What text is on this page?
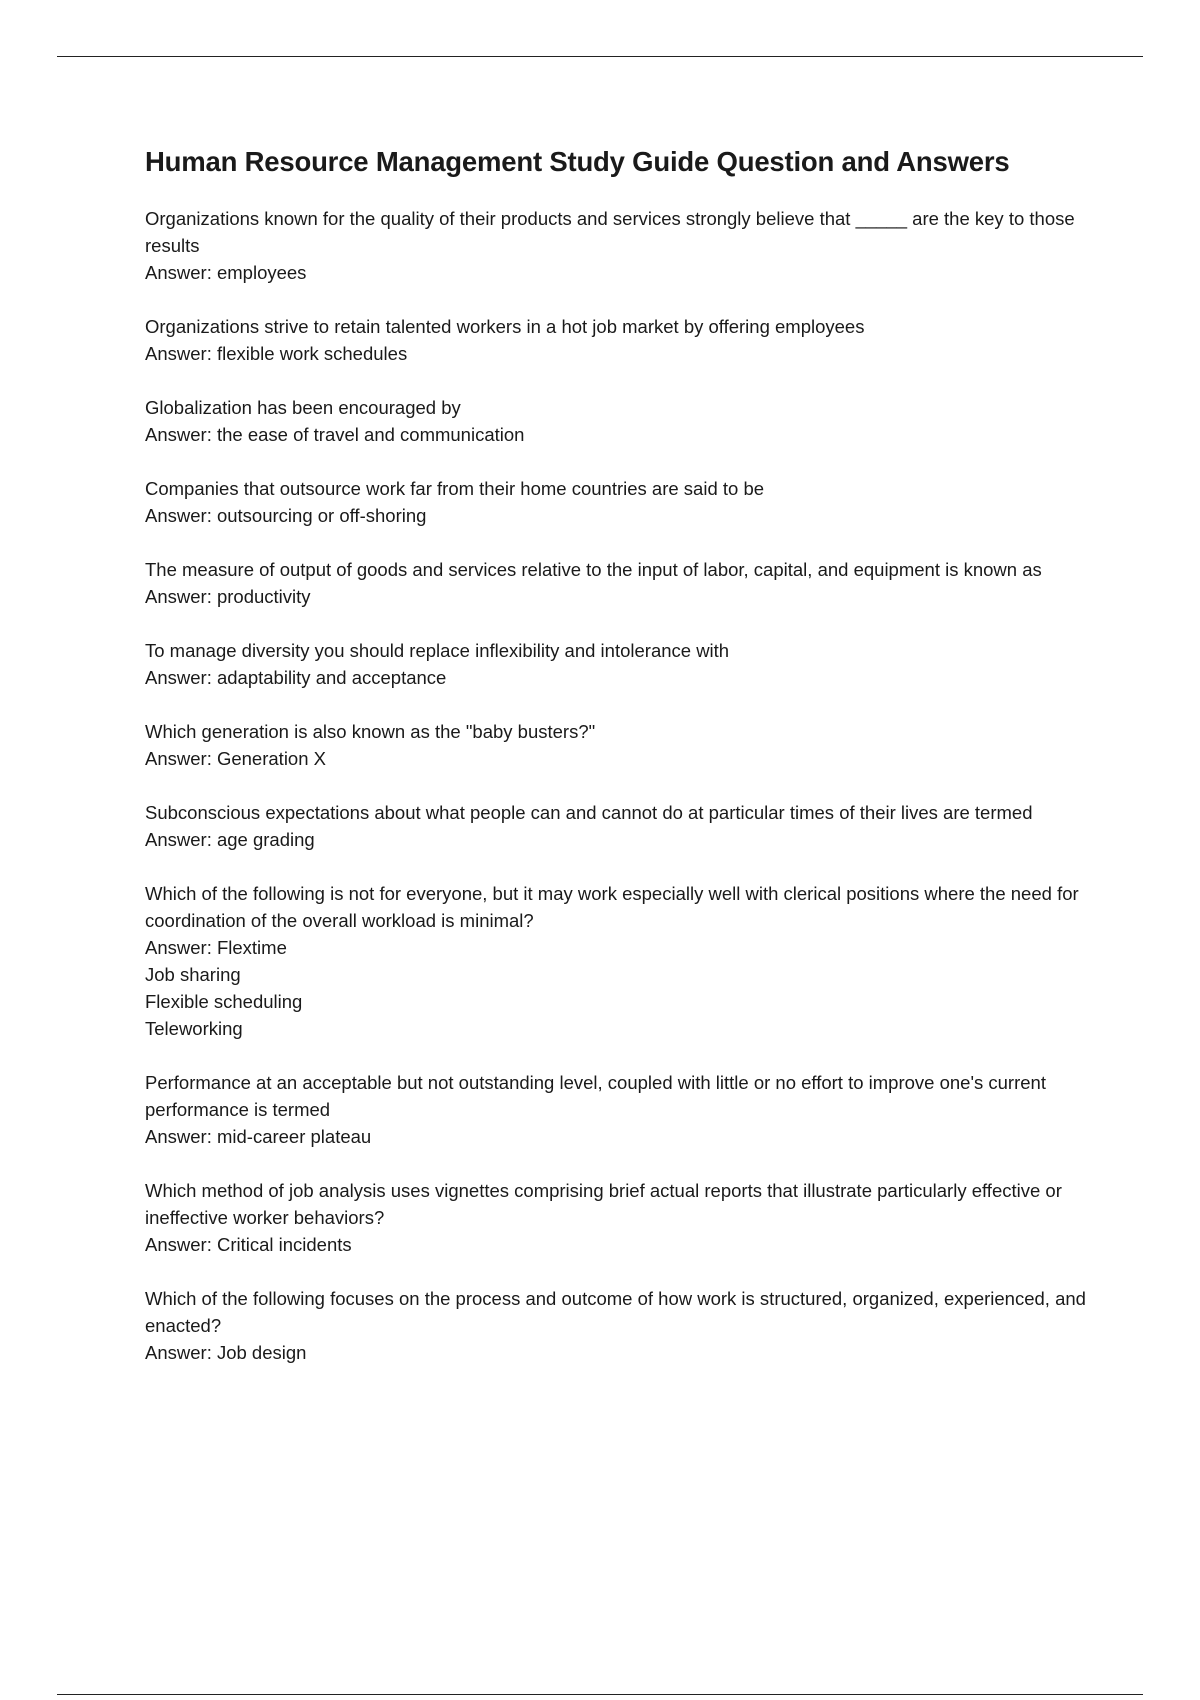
Human Resource Management Study Guide Question and Answers
Organizations known for the quality of their products and services strongly believe that _____ are the key to those results
Answer: employees
Organizations strive to retain talented workers in a hot job market by offering employees
Answer: flexible work schedules
Globalization has been encouraged by
Answer: the ease of travel and communication
Companies that outsource work far from their home countries are said to be
Answer: outsourcing or off-shoring
The measure of output of goods and services relative to the input of labor, capital, and equipment is known as
Answer: productivity
To manage diversity you should replace inflexibility and intolerance with
Answer: adaptability and acceptance
Which generation is also known as the "baby busters?"
Answer: Generation X
Subconscious expectations about what people can and cannot do at particular times of their lives are termed
Answer: age grading
Which of the following is not for everyone, but it may work especially well with clerical positions where the need for coordination of the overall workload is minimal?
Answer: Flextime
Job sharing
Flexible scheduling
Teleworking
Performance at an acceptable but not outstanding level, coupled with little or no effort to improve one's current performance is termed
Answer: mid-career plateau
Which method of job analysis uses vignettes comprising brief actual reports that illustrate particularly effective or ineffective worker behaviors?
Answer: Critical incidents
Which of the following focuses on the process and outcome of how work is structured, organized, experienced, and enacted?
Answer: Job design
